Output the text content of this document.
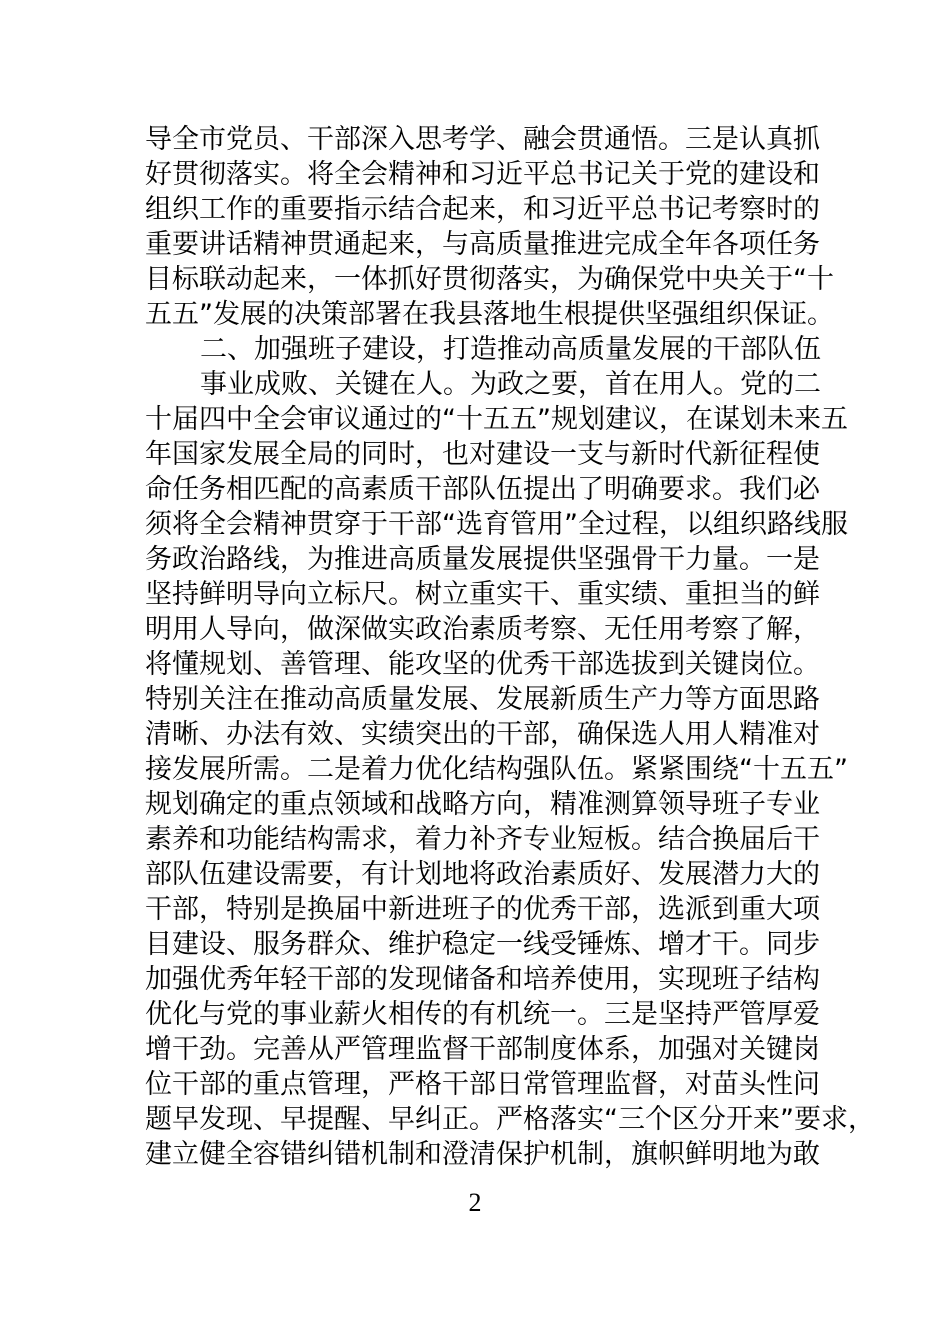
导全市党员、干部深入思考学、融会贯通悟。三是认真抓
好贯彻落实。将全会精神和习近平总书记关于党的建设和
组织工作的重要指示结合起来，和习近平总书记考察时的
重要讲话精神贯通起来，与高质量推进完成全年各项任务
目标联动起来，一体抓好贯彻落实，为确保党中央关于“十
五五”发展的决策部署在我县落地生根提供坚强组织保证。
二、加强班子建设，打造推动高质量发展的干部队伍
事业成败、关键在人。为政之要，首在用人。党的二
十届四中全会审议通过的“十五五”规划建议，在谋划未来五
年国家发展全局的同时，也对建设一支与新时代新征程使
命任务相匹配的高素质干部队伍提出了明确要求。我们必
须将全会精神贯穿于干部“选育管用”全过程，以组织路线服
务政治路线，为推进高质量发展提供坚强骨干力量。一是
坚持鲜明导向立标尺。树立重实干、重实绩、重担当的鲜
明用人导向，做深做实政治素质考察、无任用考察了解，
将懂规划、善管理、能攻坚的优秀干部选拔到关键岗位。
特别关注在推动高质量发展、发展新质生产力等方面思路
清晰、办法有效、实绩突出的干部，确保选人用人精准对
接发展所需。二是着力优化结构强队伍。紧紧围绕“十五五”
规划确定的重点领域和战略方向，精准测算领导班子专业
素养和功能结构需求，着力补齐专业短板。结合换届后干
部队伍建设需要，有计划地将政治素质好、发展潜力大的
干部，特别是换届中新进班子的优秀干部，选派到重大项
目建设、服务群众、维护稳定一线受锤炼、增才干。同步
加强优秀年轻干部的发现储备和培养使用，实现班子结构
优化与党的事业薪火相传的有机统一。三是坚持严管厚爱
增干劲。完善从严管理监督干部制度体系，加强对关键岗
位干部的重点管理，严格干部日常管理监督，对苗头性问
题早发现、早提醒、早纠正。严格落实“三个区分开来”要求，
建立健全容错纠错机制和澄清保护机制，旗帜鲜明地为敢
2
